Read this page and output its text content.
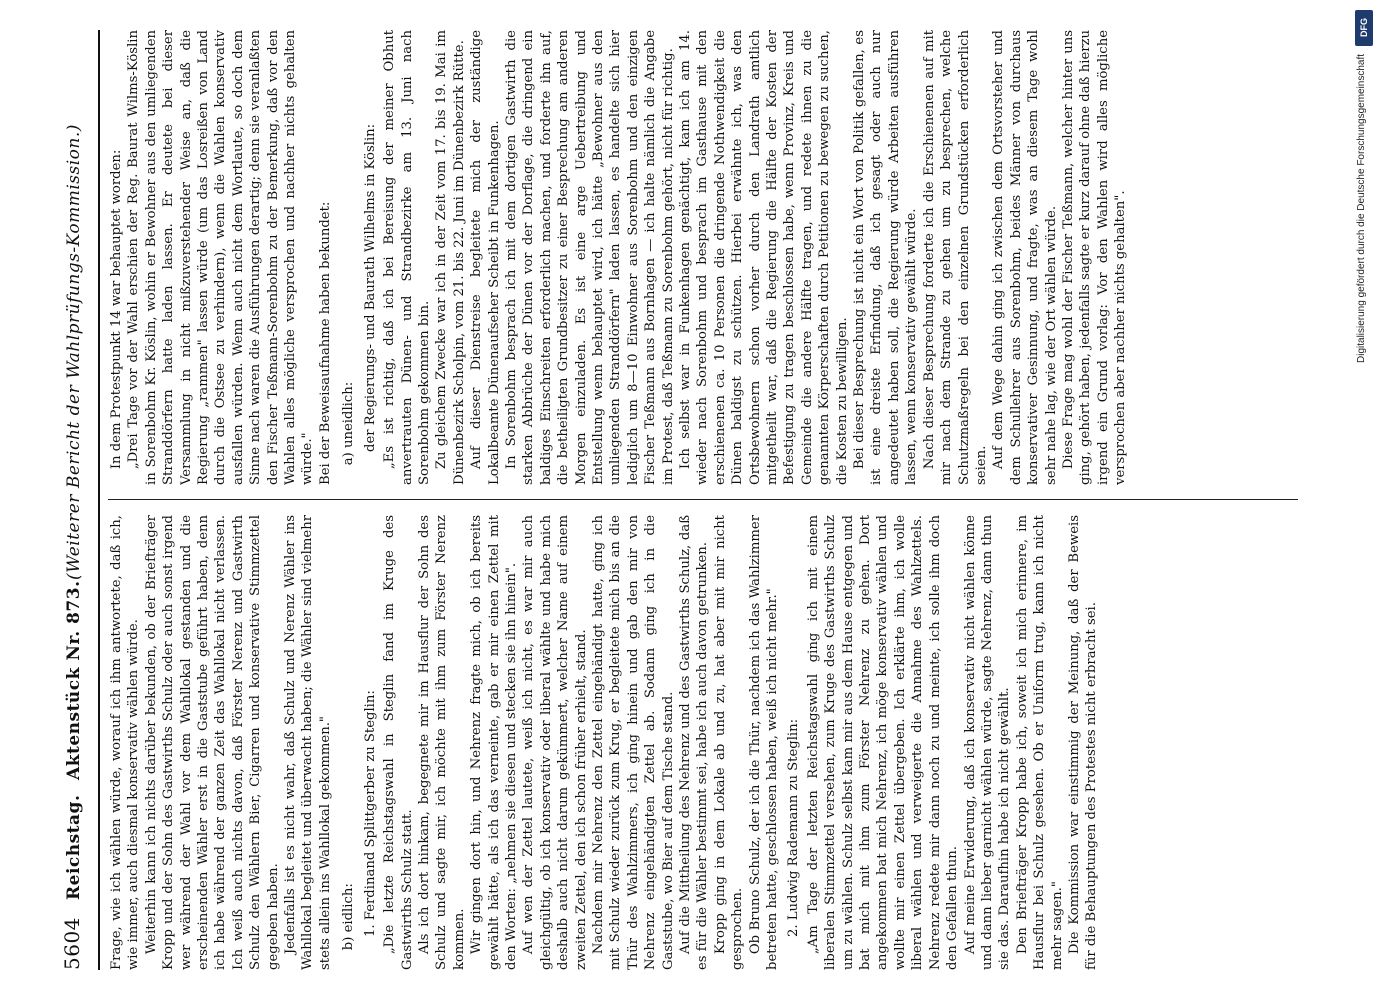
5604
Reichstag.
Aktenstück Nr. 873.
(Weiterer Bericht der Wahlprüfungs-Kommission.)

Frage, wie ich wählen würde, worauf ich ihm antwortete, daß ich, wie immer, auch diesmal konservativ wählen würde. Weiterhin kann ich nichts darüber bekunden, ob der Briefträger Kropp und der Sohn des Gastwirths Schulz oder auch sonst irgend wer während der Wahl vor dem Wahllokal gestanden und die erscheinenden Wähler erst in die Gaststube geführt haben, denn ich habe während der ganzen Zeit das Wahllokal nicht verlassen. Ich weiß auch nichts davon, daß Förster Nerenz und Gastwirth Schulz den Wählern Bier, Cigarren und konservative Stimmzettel gegeben haben. Jedenfalls ist es nicht wahr, daß Schulz und Nerenz Wähler ins Wahllokal begleitet und überwacht haben; die Wähler sind vielmehr stets allein ins Wahllokal gekommen." b) eidlich: 1. Ferdinand Splittgerber zu Steglin: „Die letzte Reichstagswahl in Steglin fand im Kruge des Gastwirths Schulz statt. Als ich dort hinkam, begegnete mir im Hausflur der Sohn des Schulz und sagte mir, ich möchte mit ihm zum Förster Nerenz kommen. Wir gingen dort hin, und Nehrenz fragte mich, ob ich bereits gewählt hätte, als ich das verneinte, gab er mir einen Zettel mit den Worten: „nehmen sie diesen und stecken sie ihn hinein". Auf wen der Zettel lautete, weiß ich nicht, es war mir auch gleichgültig, ob ich konservativ oder liberal wählte und habe mich deshalb auch nicht darum gekümmert, welcher Name auf einem zweiten Zettel, den ich schon früher erhielt, stand. Nachdem mir Nehrenz den Zettel eingehändigt hatte, ging ich mit Schulz wieder zurück zum Krug, er begleitete mich bis an die Thür des Wahlzimmers, ich ging hinein und gab den mir von Nehrenz eingehändigten Zettel ab. Sodann ging ich in die Gaststube, wo Bier auf dem Tische stand. Auf die Mittheilung des Nehrenz und des Gastwirths Schulz, daß es für die Wähler bestimmt sei, habe ich auch davon getrunken. Kropp ging in dem Lokale ab und zu, hat aber mit mir nicht gesprochen. Ob Bruno Schulz, der ich die Thür, nachdem ich das Wahlzimmer betreten hatte, geschlossen haben, weiß ich nicht mehr." 2. Ludwig Rademann zu Steglin: „Am Tage der letzten Reichstagswahl ging ich mit einem liberalen Stimmzettel versehen, zum Kruge des Gastwirths Schulz um zu wählen. Schulz selbst kam mir aus dem Hause entgegen und bat mich mit ihm zum Förster Nehrenz zu gehen. Dort angekommen bat mich Nehrenz, ich möge konservativ wählen und wollte mir einen Zettel übergeben. Ich erklärte ihm, ich wolle liberal wählen und verweigerte die Annahme des Wahlzettels. Nehrenz redete mir dann noch zu und meinte, ich solle ihm doch den Gefallen thun. Auf meine Erwiderung, daß ich konservativ nicht wählen könne und dann lieber garnicht wählen würde, sagte Nehrenz, dann thun sie das. Daraufhin habe ich nicht gewählt. Den Briefträger Kropp habe ich, soweit ich mich erinnere, im Hausflur bei Schulz gesehen. Ob er Uniform trug, kann ich nicht mehr sagen." Die Kommission war einstimmig der Meinung, daß der Beweis für die Behauptungen des Protestes nicht erbracht sei.

In dem Protestpunkt 14 war behauptet worden: „Drei Tage vor der Wahl erschien der Reg. Baurat Wilms-Köslin in Sorenbohm Kr. Köslin, wohin er Bewohner aus den umliegenden Stranddörfern hatte laden lassen. Er deutete bei dieser Versammlung in nicht mißzuverstehender Weise an, daß die Regierung „rammen" lassen würde (um das Losreißen von Land durch die Ostsee zu verhindern), wenn die Wahlen konservativ ausfallen würden. Wenn auch nicht dem Wortlaute, so doch dem Sinne nach waren die Ausführungen derartig; denn sie veranlaßten den Fischer Teßmann-Sorenbohm zu der Bemerkung, daß vor den Wahlen alles mögliche versprochen und nachher nichts gehalten würde." Bei der Beweisaufnahme haben bekundet: a) uneidlich: der Regierungs- und Baurath Wilhelms in Köslin: „Es ist richtig, daß ich bei Bereisung der meiner Obhut anvertrauten Dünen- und Strandbezirke am 13. Juni nach Sorenbohm gekommen bin. Zu gleichem Zwecke war ich in der Zeit vom 17. bis 19. Mai im Dünenbezirk Scholpin, vom 21. bis 22. Juni im Dünenbezirk Rütte. Auf dieser Dienstreise begleitete mich der zuständige Lokalbeamte Dünenaufseher Scheibt in Funkenhagen. In Sorenbohm besprach ich mit dem dortigen Gastwirth die starken Abbrüche der Dünen vor der Dorflage, die dringend ein baldiges Einschreiten erforderlich machen, und forderte ihn auf, die betheiligten Grundbesitzer zu einer Besprechung am anderen Morgen einzuladen. Es ist eine arge Uebertreibung und Entstellung wenn behauptet wird, ich hätte „Bewohner aus den umliegenden Stranddörfern" laden lassen, es handelte sich hier lediglich um 8—10 Einwohner aus Sorenbohm und den einzigen Fischer Teßmann aus Bornhagen — ich halte nämlich die Angabe im Protest, daß Teßmann zu Sorenbohm gehört, nicht für richtig. Ich selbst war in Funkenhagen genächtigt, kam ich am 14. wieder nach Sorenbohm und besprach im Gasthause mit den erschienenen ca. 10 Personen die dringende Nothwendigkeit die Dünen baldigst zu schützen. Hierbei erwähnte ich, was den Ortsbewohnern schon vorher durch den Landrath amtlich mitgetheilt war, daß die Regierung die Hälfte der Kosten der Befestigung zu tragen beschlossen habe, wenn Provinz, Kreis und Gemeinde die andere Hälfte tragen, und redete ihnen zu die genannten Körperschaften durch Petitionen zu bewegen zu suchen, die Kosten zu bewilligen. Bei dieser Besprechung ist nicht ein Wort von Politik gefallen, es ist eine dreiste Erfindung, daß ich gesagt oder auch nur angedeutet haben soll, die Regierung würde Arbeiten ausführen lassen, wenn konservativ gewählt würde. Nach dieser Besprechung forderte ich die Erschienenen auf mit mir nach dem Strande zu gehen um zu besprechen, welche Schutzmaßregeln bei den einzelnen Grundstücken erforderlich seien. Auf dem Wege dahin ging ich zwischen dem Ortsvorsteher und dem Schullehrer aus Sorenbohm, beides Männer von durchaus konservativer Gesinnung, und fragte, was an diesem Tage wohl sehr nahe lag, wie der Ort wählen würde. Diese Frage mag wohl der Fischer Teßmann, welcher hinter uns ging, gehört haben, jedenfalls sagte er kurz darauf ohne daß hierzu irgend ein Grund vorlag: Vor den Wahlen wird alles mögliche versprochen aber nachher nichts gehalten".

DFG
Digitalisierung gefördert durch die Deutsche Forschungsgemeinschaft
